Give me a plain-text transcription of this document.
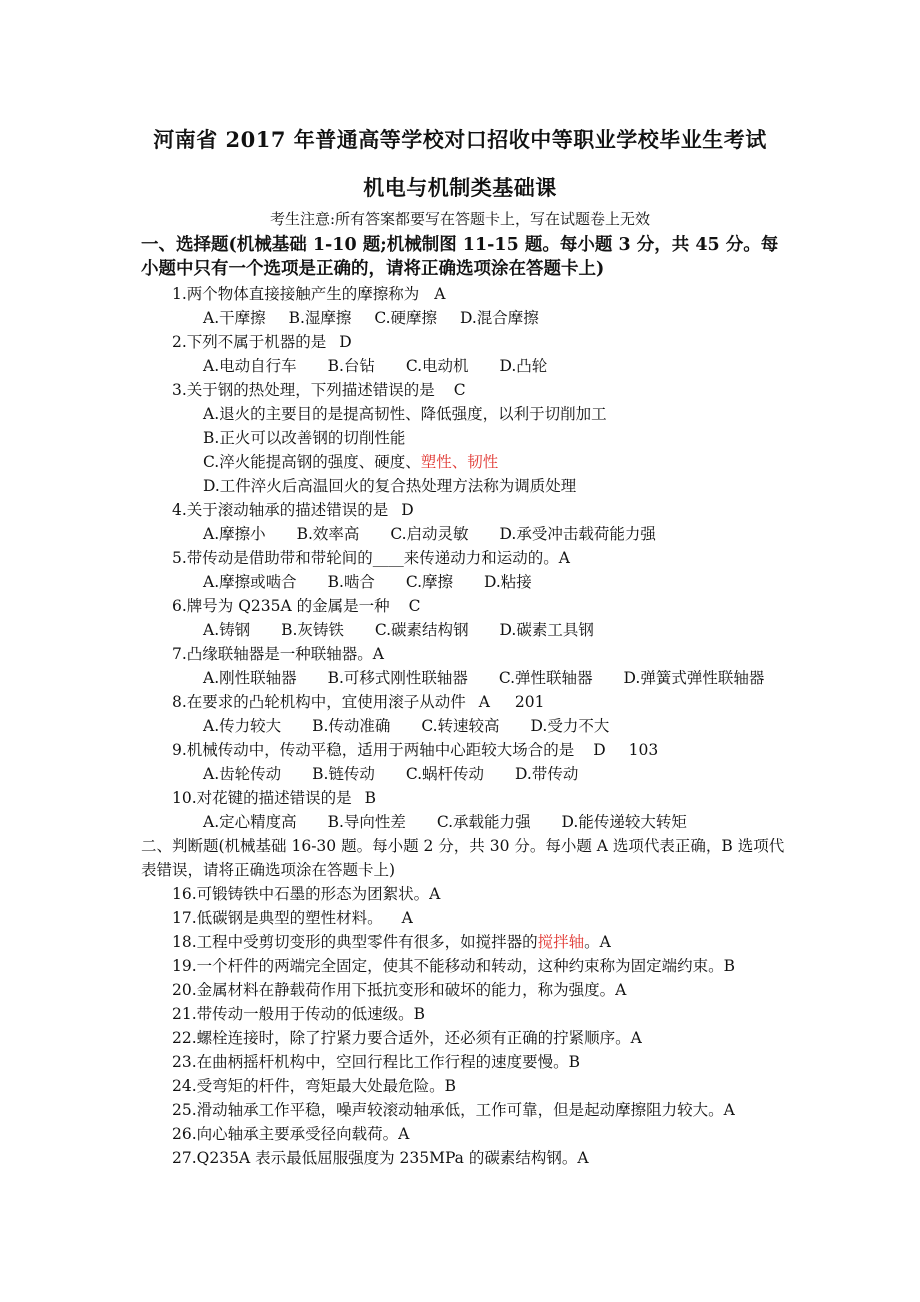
河南省 2017 年普通高等学校对口招收中等职业学校毕业生考试
机电与机制类基础课
考生注意:所有答案都要写在答题卡上，写在试题卷上无效
一、选择题(机械基础 1-10 题;机械制图 11-15 题。每小题 3 分，共 45 分。每小题中只有一个选项是正确的，请将正确选项涂在答题卡上)
1.两个物体直接接触产生的摩擦称为 A
A.干摩擦 B.湿摩擦 C.硬摩擦 D.混合摩擦
2.下列不属于机器的是 D
A.电动自行车 B.台钻 C.电动机 D.凸轮
3.关于钢的热处理，下列描述错误的是 C
A.退火的主要目的是提高韧性、降低强度，以利于切削加工
B.正火可以改善钢的切削性能
C.淬火能提高钢的强度、硬度、塑性、韧性
D.工件淬火后高温回火的复合热处理方法称为调质处理
4.关于滚动轴承的描述错误的是 D
A.摩擦小 B.效率高 C.启动灵敏 D.承受冲击载荷能力强
5.带传动是借助带和带轮间的____来传递动力和运动的。A
A.摩擦或啮合 B.啮合 C.摩擦 D.粘接
6.牌号为 Q235A 的金属是一种 C
A.铸钢 B.灰铸铁 C.碳素结构钢 D.碳素工具钢
7.凸缘联轴器是一种联轴器。A
A.刚性联轴器 B.可移式刚性联轴器 C.弹性联轴器 D.弹簧式弹性联轴器
8.在要求的凸轮机构中，宜使用滚子从动件 A 201
A.传力较大 B.传动准确 C.转速较高 D.受力不大
9.机械传动中，传动平稳，适用于两轴中心距较大场合的是 D 103
A.齿轮传动 B.链传动 C.蜗杆传动 D.带传动
10.对花键的描述错误的是 B
A.定心精度高 B.导向性差 C.承载能力强 D.能传递较大转矩
二、判断题(机械基础 16-30 题。每小题 2 分，共 30 分。每小题 A 选项代表正确，B 选项代表错误，请将正确选项涂在答题卡上)
16.可锻铸铁中石墨的形态为团絮状。A
17.低碳钢是典型的塑性材料。 A
18.工程中受剪切变形的典型零件有很多，如搅拌器的搅拌轴。A
19.一个杆件的两端完全固定，使其不能移动和转动，这种约束称为固定端约束。B
20.金属材料在静载荷作用下抵抗变形和破坏的能力，称为强度。A
21.带传动一般用于传动的低速级。B
22.螺栓连接时，除了拧紧力要合适外，还必须有正确的拧紧顺序。A
23.在曲柄摇杆机构中，空回行程比工作行程的速度要慢。B
24.受弯矩的杆件，弯矩最大处最危险。B
25.滑动轴承工作平稳，噪声较滚动轴承低，工作可靠，但是起动摩擦阻力较大。A
26.向心轴承主要承受径向载荷。A
27.Q235A 表示最低屈服强度为 235MPa 的碳素结构钢。A
